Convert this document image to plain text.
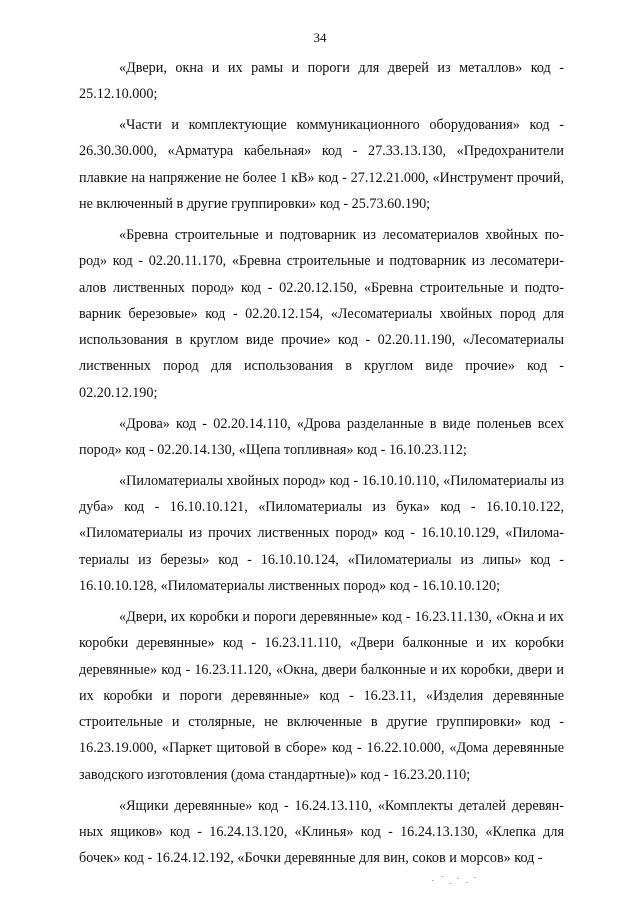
34

«Двери, окна и их рамы и пороги для дверей из металлов» код - 25.12.10.000;

«Части и комплектующие коммуникационного оборудования» код - 26.30.30.000, «Арматура кабельная» код - 27.33.13.130, «Предохранители плавкие на напряжение не более 1 кВ» код - 27.12.21.000, «Инструмент прочий, не включенный в другие группировки» код - 25.73.60.190;

«Бревна строительные и подтоварник из лесоматериалов хвойных пород» код - 02.20.11.170, «Бревна строительные и подтоварник из лесоматериалов лиственных пород» код - 02.20.12.150, «Бревна строительные и подтоварник березовые» код - 02.20.12.154, «Лесоматериалы хвойных пород для использования в круглом виде прочие» код - 02.20.11.190, «Лесоматериалы лиственных пород для использования в круглом виде прочие» код - 02.20.12.190;

«Дрова» код - 02.20.14.110, «Дрова разделанные в виде поленьев всех пород» код - 02.20.14.130, «Щепа топливная» код - 16.10.23.112;

«Пиломатериалы хвойных пород» код - 16.10.10.110, «Пиломатериалы из дуба» код - 16.10.10.121, «Пиломатериалы из бука» код - 16.10.10.122, «Пиломатериалы из прочих лиственных пород» код - 16.10.10.129, «Пиломатериалы из березы» код - 16.10.10.124, «Пиломатериалы из липы» код - 16.10.10.128, «Пиломатериалы лиственных пород» код - 16.10.10.120;

«Двери, их коробки и пороги деревянные» код - 16.23.11.130, «Окна и их коробки деревянные» код - 16.23.11.110, «Двери балконные и их коробки деревянные» код - 16.23.11.120, «Окна, двери балконные и их коробки, двери и их коробки и пороги деревянные» код - 16.23.11, «Изделия деревянные строительные и столярные, не включенные в другие группировки» код - 16.23.19.000, «Паркет щитовой в сборе» код - 16.22.10.000, «Дома деревянные заводского изготовления (дома стандартные)» код - 16.23.20.110;

«Ящики деревянные» код - 16.24.13.110, «Комплекты деталей деревянных ящиков» код - 16.24.13.120, «Клинья» код - 16.24.13.130, «Клепка для бочек» код - 16.24.12.192, «Бочки деревянные для вин, соков и морсов» код -
